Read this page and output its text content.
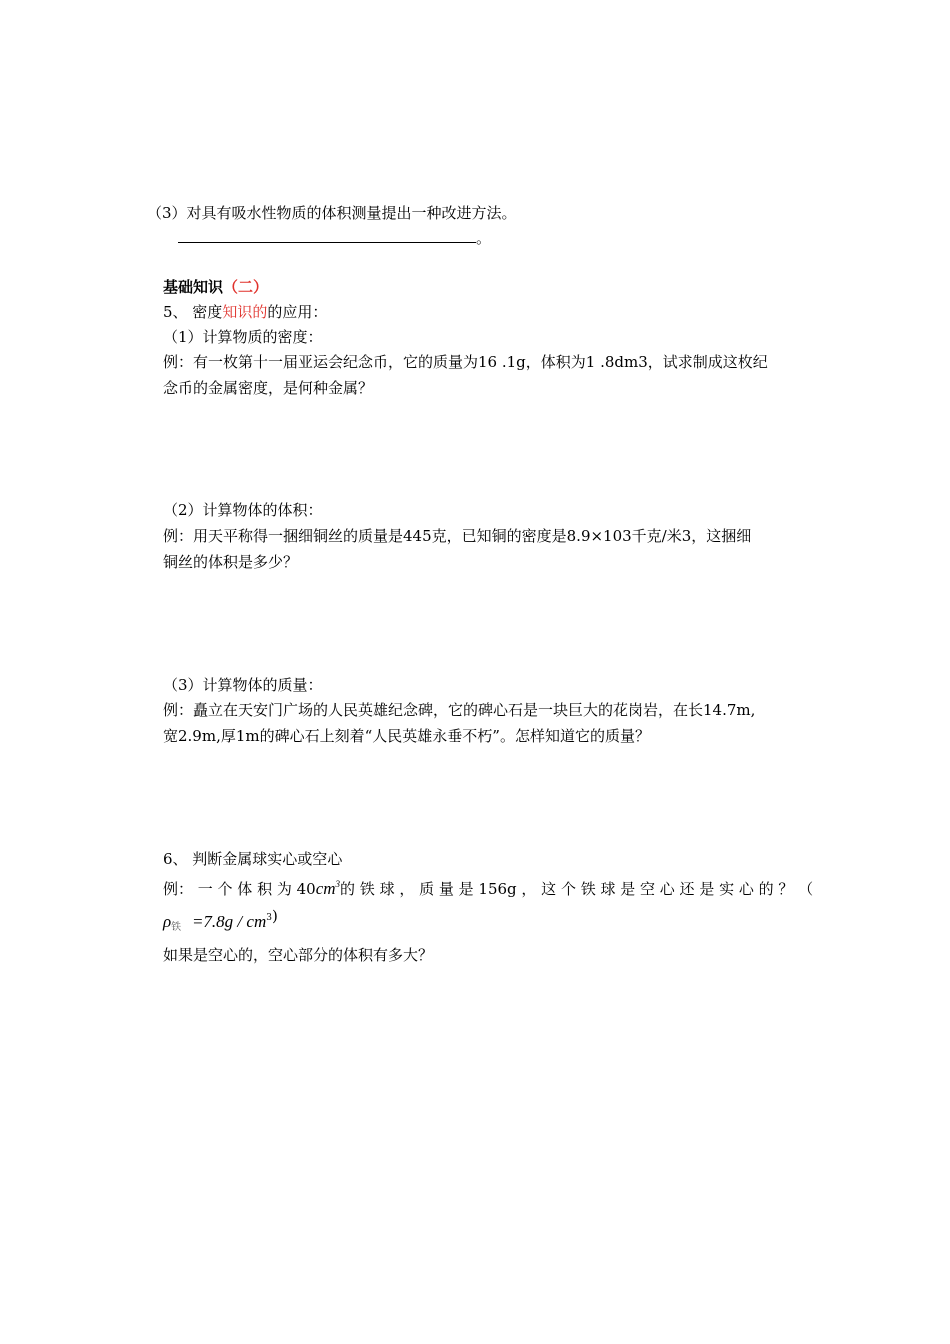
（3）对具有吸水性物质的体积测量提出一种改进方法。
。
基础知识（二）
5、 密度知识的的应用：
（1）计算物质的密度：
例：有一枚第十一届亚运会纪念币，它的质量为16 .1g，体积为1 .8dm3，试求制成这枚纪
念币的金属密度，是何种金属？
（2）计算物体的体积：
例：用天平称得一捆细铜丝的质量是445克，已知铜的密度是8.9×103千克/米3，这捆细
铜丝的体积是多少？
（3）计算物体的质量：
例：矗立在天安门广场的人民英雄纪念碑，它的碑心石是一块巨大的花岗岩，在长14.7m,
宽2.9m,厚1m的碑心石上刻着“人民英雄永垂不朽”。怎样知道它的质量？
6、 判断金属球实心或空心
例： 一 个 体 积 为 $40cm^3$的 铁 球 ， 质 量 是 156g ， 这 个 铁 球 是 空 心 还 是 实 心 的 ？ （
$\rho_铁 =7.8g / cm^3$)
如果是空心的，空心部分的体积有多大？
